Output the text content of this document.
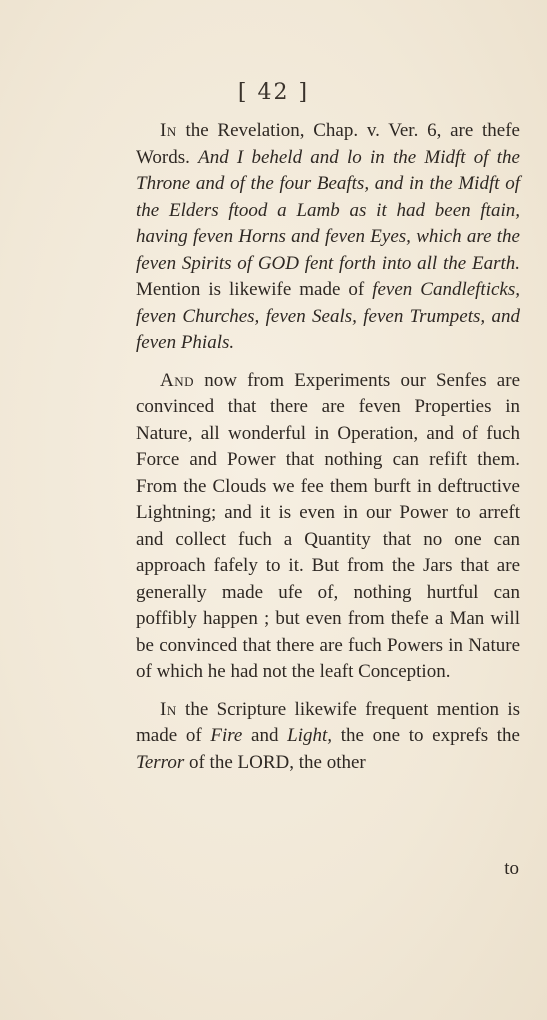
[ 42 ]

In the Revelation, Chap. v. Ver. 6, are thefe Words. And I beheld and lo in the Midft of the Throne and of the four Beafts, and in the Midft of the Elders ftood a Lamb as it had been ftain, having feven Horns and feven Eyes, which are the feven Spirits of GOD fent forth into all the Earth. Mention is likewife made of feven Candlefticks, feven Churches, feven Seals, feven Trumpets, and feven Phials.

And now from Experiments our Senfes are convinced that there are feven Properties in Nature, all wonderful in Operation, and of fuch Force and Power that nothing can refift them. From the Clouds we fee them burft in deftructive Lightning; and it is even in our Power to arreft and collect fuch a Quantity that no one can approach fafely to it. But from the Jars that are generally made ufe of, nothing hurtful can poffibly happen ; but even from thefe a Man will be convinced that there are fuch Powers in Nature of which he had not the leaft Conception.

In the Scripture likewife frequent mention is made of Fire and Light, the one to exprefs the Terror of the LORD, the other

to
